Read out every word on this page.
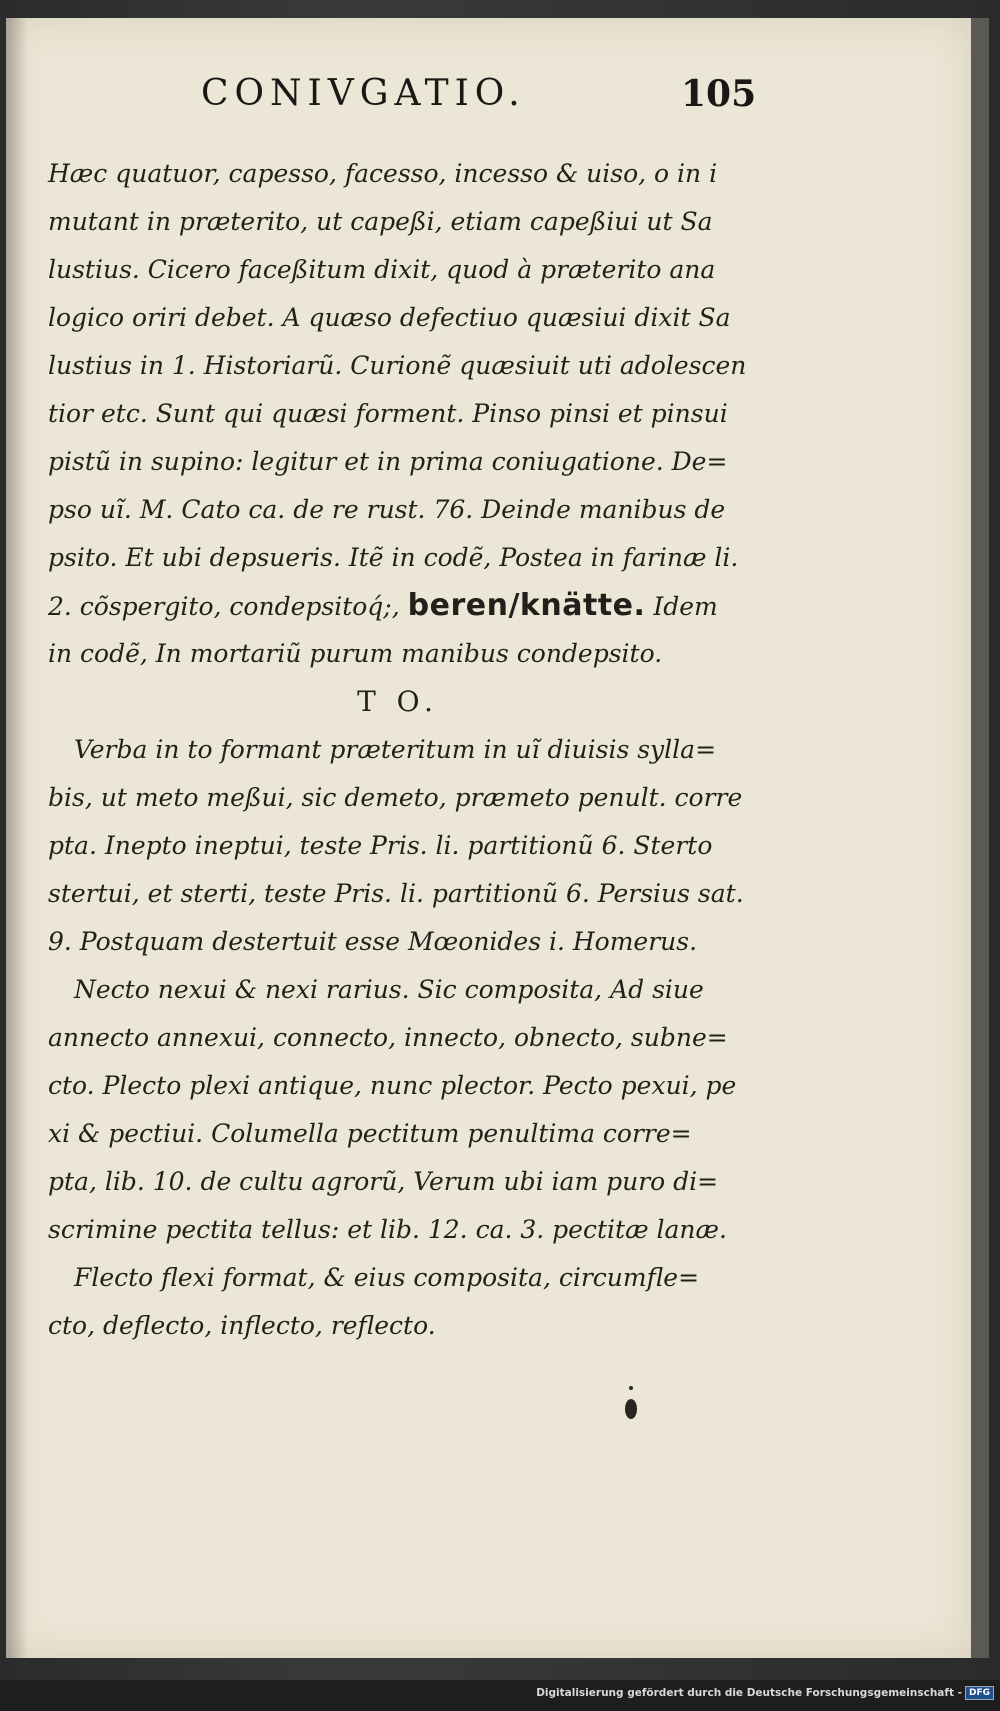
CONIVGATIO.	105
Hæc quatuor, capesso, facesso, incesso & uiso, o in i
mutant in præterito, ut capeßi, etiam capeßiui ut Sa
lustius. Cicero faceßitum dixit, quod à præterito ana
logico oriri debet. A quæso defectiuo quæsiui dixit Sa
lustius in 1. Historiarũ. Curionẽ quæsiuit uti adolescen
tior etc. Sunt qui quæsi forment. Pinso pinsi et pinsui
pistũ in supino: legitur et in prima coniugatione. De=
pso uĩ. M. Cato ca. de re rust. 76. Deinde manibus de
psito. Et ubi depsueris. Itẽ in codẽ, Postea in farinæ li.
2. cõspergito, condepsitoq́;, beren/knätte. Idem
in codẽ, In mortariũ purum manibus condepsito.
T O.
Verba in to formant præteritum in uĩ diuisis sylla=
bis, ut meto meßui, sic demeto, præmeto penult. corre
pta. Inepto ineptui, teste Pris. li. partitionũ 6. Sterto
stertui, et sterti, teste Pris. li. partitionũ 6. Persius sat.
9. Postquam destertuit esse Mœonides i. Homerus.
Necto nexui & nexi rarius. Sic composita, Ad siue
annecto annexui, connecto, innecto, obnecto, subne=
cto. Plecto plexi antique, nunc plector. Pecto pexui, pe
xi & pectiui. Columella pectitum penultima corre=
pta, lib. 10. de cultu agrorũ, Verum ubi iam puro di=
scrimine pectita tellus: et lib. 12. ca. 3. pectitæ lanæ.
Flecto flexi format, & eius composita, circumfle=
cto, deflecto, inflecto, reflecto.
Digitalisierung gefördert durch die Deutsche Forschungsgemeinschaft - DFG
